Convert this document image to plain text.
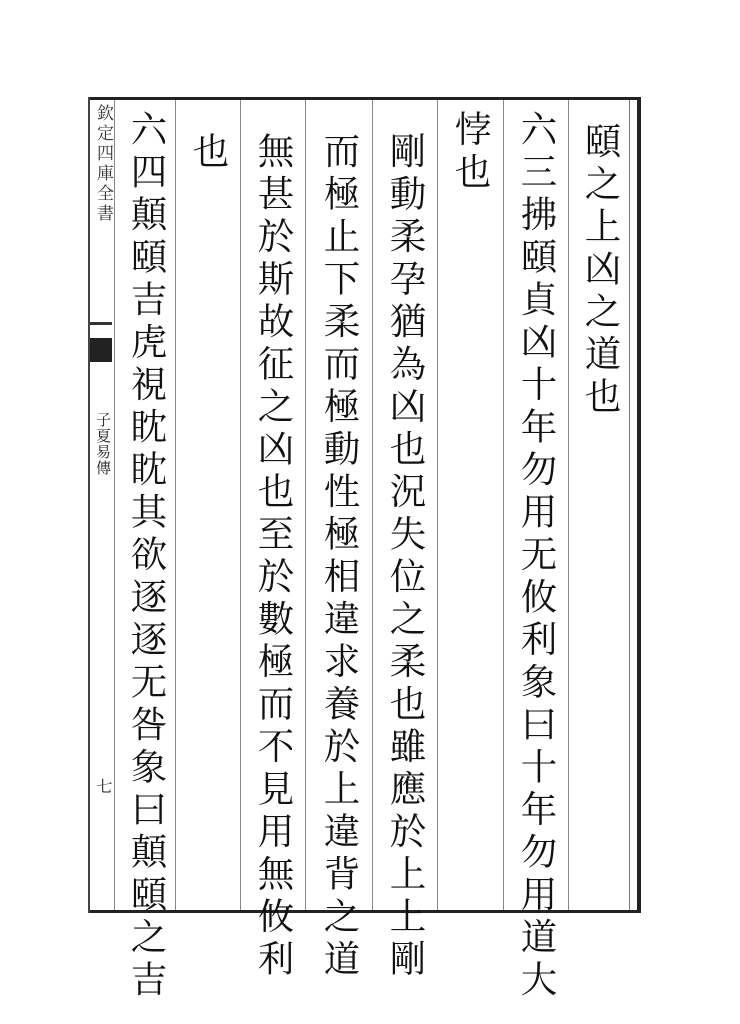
欽定四庫全書
子夏易傳
七
頤之上凶之道也
六三拂頤貞凶十年勿用无攸利象曰十年勿用道大
悖也
剛動柔孕猶為凶也況失位之柔也雖應於上上剛
而極止下柔而極動性極相違求養於上違背之道
無甚於斯故征之凶也至於數極而不見用無攸利
也
六四顛頤吉虎視眈眈其欲逐逐无咎象曰顛頤之吉
